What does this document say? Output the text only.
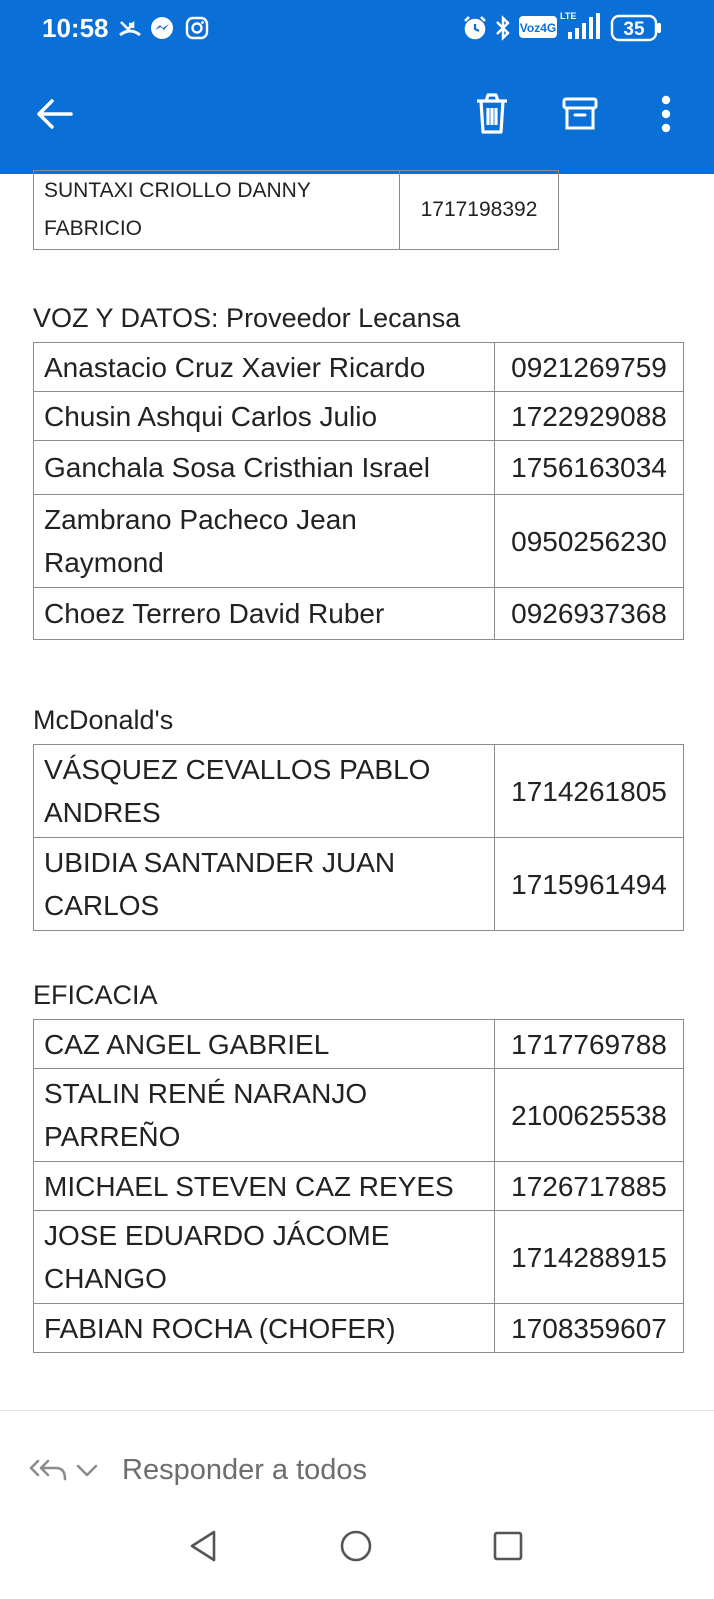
10:58	Voz4G
LTE
35
SUNTAXI CRIOLLO DANNY FABRICIO	1717198392
VOZ Y DATOS: Proveedor Lecansa
Anastacio Cruz Xavier Ricardo	0921269759
Chusin Ashqui Carlos Julio	1722929088
Ganchala Sosa Cristhian Israel	1756163034
Zambrano Pacheco Jean Raymond	0950256230
Choez Terrero David Ruber	0926937368
McDonald's
VÁSQUEZ CEVALLOS PABLO ANDRES	1714261805
UBIDIA SANTANDER JUAN CARLOS	1715961494
EFICACIA
CAZ ANGEL GABRIEL	1717769788
STALIN RENÉ NARANJO PARREÑO	2100625538
MICHAEL STEVEN CAZ REYES	1726717885
JOSE EDUARDO JÁCOME CHANGO	1714288915
FABIAN ROCHA (CHOFER)	1708359607
Responder a todos
